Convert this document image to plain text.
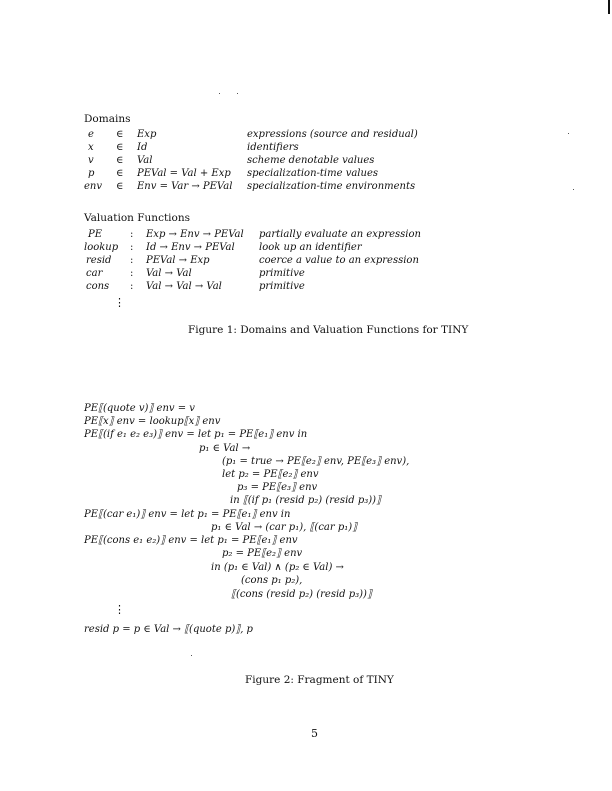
Domains
e ∈ Exp	expressions (source and residual)
x ∈ Id	identifiers
v ∈ Val	scheme denotable values
p ∈ PEVal = Val + Exp specialization-time values
env ∈ Env = Var → PEVal specialization-time environments
Valuation Functions
PE	: Exp → Env → PEVal partially evaluate an expression
lookup : Id → Env → PEVal look up an identifier
resid : PEVal → Exp	coerce a value to an expression
car	: Val → Val	primitive
cons : Val → Val → Val	primitive
⋮
Figure 1: Domains and Valuation Functions for TINY
PE⟦(quote v)⟧ env = v
PE⟦x⟧ env = lookup⟦x⟧ env
PE⟦(if e₁ e₂ e₃)⟧ env = let p₁ = PE⟦e₁⟧ env in
p₁ ∈ Val →
(p₁ = true → PE⟦e₂⟧ env, PE⟦e₃⟧ env),
let p₂ = PE⟦e₂⟧ env
p₃ = PE⟦e₃⟧ env
in ⟦(if p₁ (resid p₂) (resid p₃))⟧
PE⟦(car e₁)⟧ env = let p₁ = PE⟦e₁⟧ env in
p₁ ∈ Val → (car p₁), ⟦(car p₁)⟧
PE⟦(cons e₁ e₂)⟧ env = let p₁ = PE⟦e₁⟧ env
p₂ = PE⟦e₂⟧ env
in (p₁ ∈ Val) ∧ (p₂ ∈ Val) →
(cons p₁ p₂),
⟦(cons (resid p₂) (resid p₃))⟧
⋮
resid p = p ∈ Val → ⟦(quote p)⟧, p
Figure 2: Fragment of TINY
5
